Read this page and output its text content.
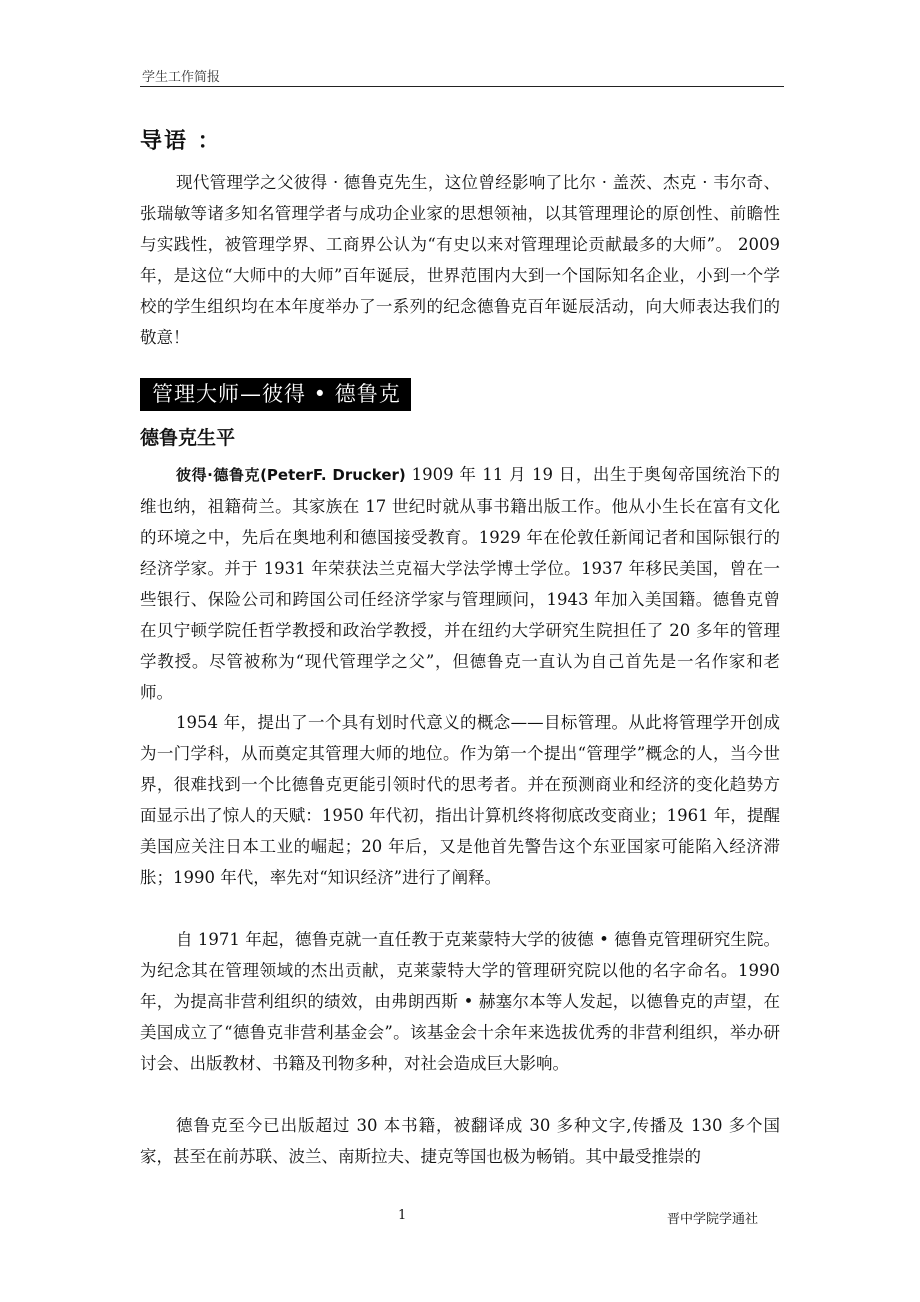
学生工作简报
导语 ：

现代管理学之父彼得 · 德鲁克先生，这位曾经影响了比尔 · 盖茨、杰克 · 韦尔奇、张瑞敏等诸多知名管理学者与成功企业家的思想领袖，以其管理理论的原创性、前瞻性与实践性，被管理学界、工商界公认为“有史以来对管理理论贡献最多的大师”。 2009 年，是这位“大师中的大师”百年诞辰，世界范围内大到一个国际知名企业，小到一个学校的学生组织均在本年度举办了一系列的纪念德鲁克百年诞辰活动，向大师表达我们的敬意！

管理大师—彼得 • 德鲁克
德鲁克生平

彼得·德鲁克(PeterF. Drucker) 1909 年 11 月 19 日，出生于奥匈帝国统治下的维也纳，祖籍荷兰。其家族在 17 世纪时就从事书籍出版工作。他从小生长在富有文化的环境之中，先后在奥地利和德国接受教育。1929 年在伦敦任新闻记者和国际银行的经济学家。并于 1931 年荣获法兰克福大学法学博士学位。1937 年移民美国，曾在一些银行、保险公司和跨国公司任经济学家与管理顾问，1943 年加入美国籍。德鲁克曾在贝宁顿学院任哲学教授和政治学教授，并在纽约大学研究生院担任了 20 多年的管理学教授。尽管被称为“现代管理学之父”，但德鲁克一直认为自己首先是一名作家和老师。

1954 年，提出了一个具有划时代意义的概念——目标管理。从此将管理学开创成为一门学科，从而奠定其管理大师的地位。作为第一个提出“管理学”概念的人，当今世界，很难找到一个比德鲁克更能引领时代的思考者。并在预测商业和经济的变化趋势方面显示出了惊人的天赋：1950 年代初，指出计算机终将彻底改变商业；1961 年，提醒美国应关注日本工业的崛起；20 年后，又是他首先警告这个东亚国家可能陷入经济滞胀；1990 年代，率先对“知识经济”进行了阐释。

自 1971 年起，德鲁克就一直任教于克莱蒙特大学的彼德 • 德鲁克管理研究生院。为纪念其在管理领域的杰出贡献，克莱蒙特大学的管理研究院以他的名字命名。1990 年，为提高非营利组织的绩效，由弗朗西斯 • 赫塞尔本等人发起，以德鲁克的声望，在美国成立了“德鲁克非营利基金会”。该基金会十余年来选拔优秀的非营利组织，举办研讨会、出版教材、书籍及刊物多种，对社会造成巨大影响。

德鲁克至今已出版超过 30 本书籍，被翻译成 30 多种文字,传播及 130 多个国家，甚至在前苏联、波兰、南斯拉夫、捷克等国也极为畅销。其中最受推崇的

1	晋中学院学通社
